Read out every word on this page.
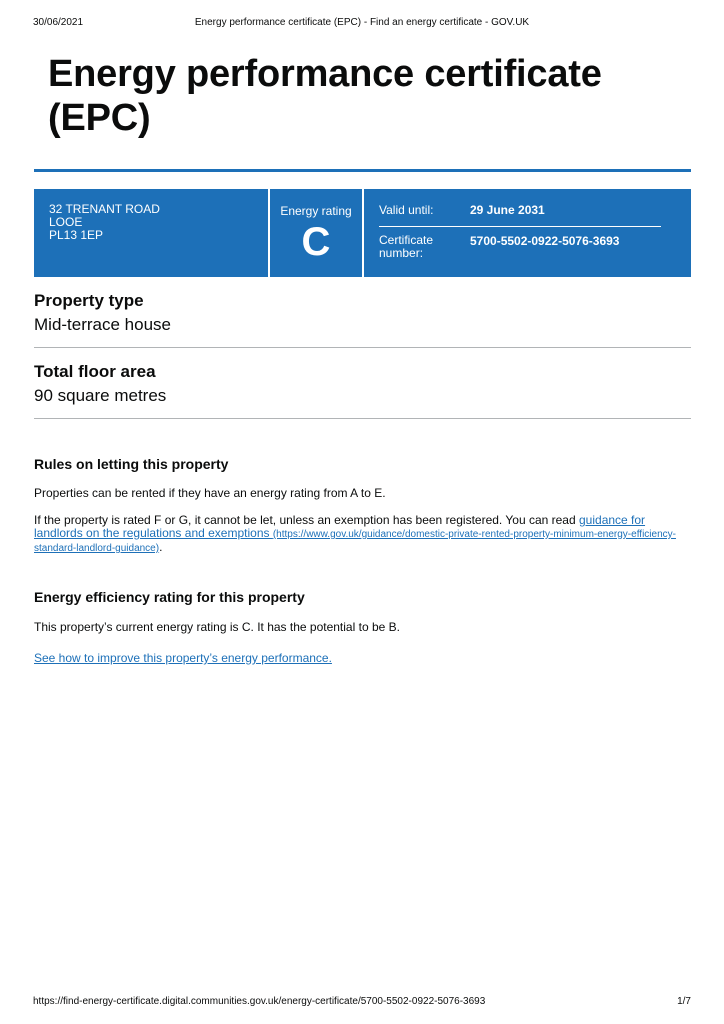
30/06/2021	Energy performance certificate (EPC) - Find an energy certificate - GOV.UK
Energy performance certificate (EPC)
32 TRENANT ROAD
LOOE
PL13 1EP
Energy rating
C
Valid until:	29 June 2031
Certificate number:
5700-5502-0922-5076-3693
Property type
Mid-terrace house
Total floor area
90 square metres
Rules on letting this property

Properties can be rented if they have an energy rating from A to E.

If the property is rated F or G, it cannot be let, unless an exemption has been registered. You can read guidance for landlords on the regulations and exemptions (https://www.gov.uk/guidance/domestic-private-rented-property-minimum-energy-efficiency-standard-landlord-guidance).

Energy efficiency rating for this property

This property’s current energy rating is C. It has the potential to be B.

See how to improve this property’s energy performance.
https://find-energy-certificate.digital.communities.gov.uk/energy-certificate/5700-5502-0922-5076-3693	1/7
